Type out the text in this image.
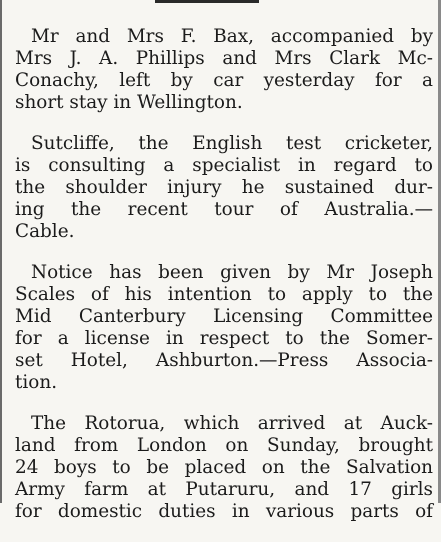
Mr and Mrs F. Bax, accompanied by
Mrs J. A. Phillips and Mrs Clark Mc-
Conachy, left by car yesterday for a
short stay in Wellington.

Sutcliffe, the English test cricketer,
is consulting a specialist in regard to
the shoulder injury he sustained dur-
ing the recent tour of Australia.—
Cable.

Notice has been given by Mr Joseph
Scales of his intention to apply to the
Mid Canterbury Licensing Committee
for a license in respect to the Somer-
set Hotel, Ashburton.—Press Associa-
tion.

The Rotorua, which arrived at Auck-
land from London on Sunday, brought
24 boys to be placed on the Salvation
Army farm at Putaruru, and 17 girls
for domestic duties in various parts of
